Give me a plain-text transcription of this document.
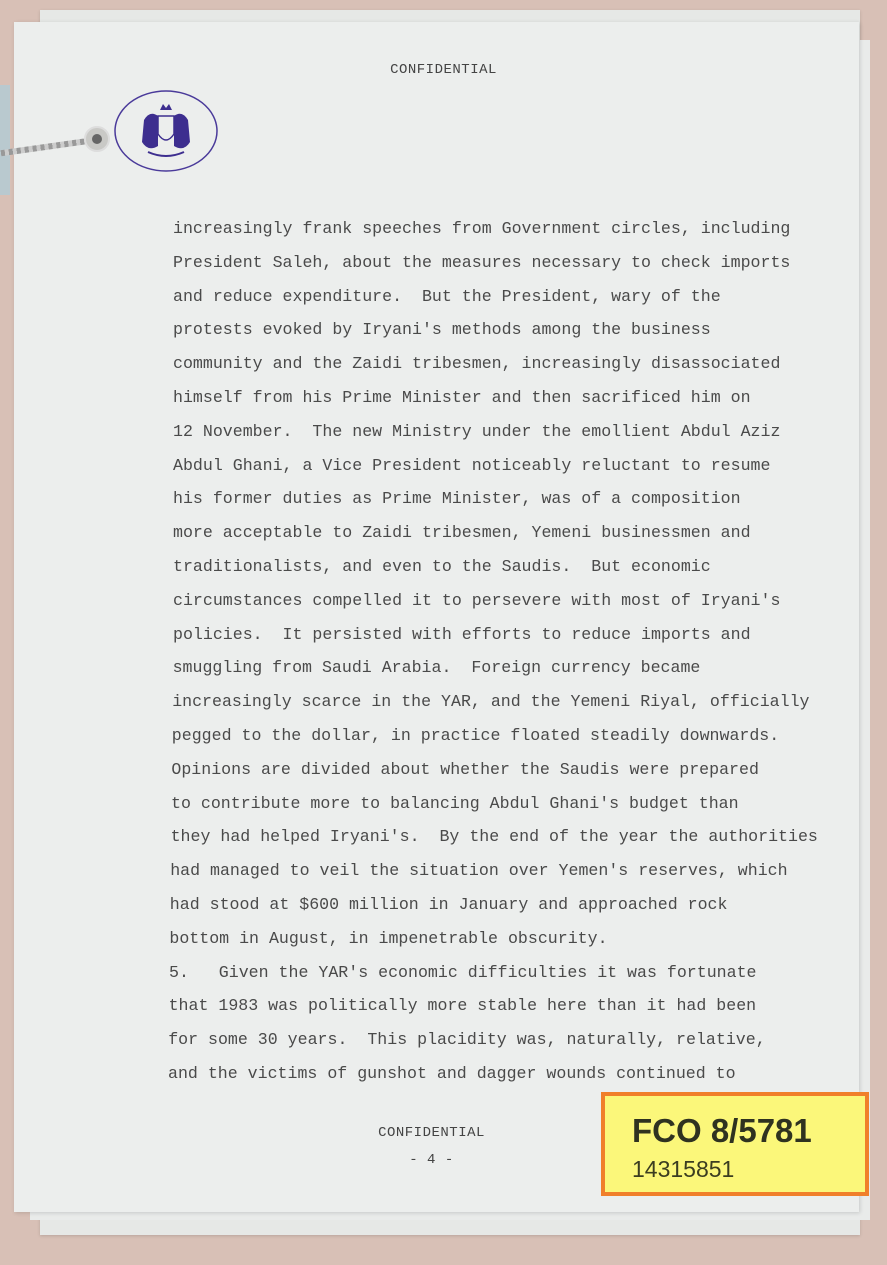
CONFIDENTIAL
increasingly frank speeches from Government circles, including
President Saleh, about the measures necessary to check imports
and reduce expenditure.  But the President, wary of the
protests evoked by Iryani's methods among the business
community and the Zaidi tribesmen, increasingly disassociated
himself from his Prime Minister and then sacrificed him on
12 November.  The new Ministry under the emollient Abdul Aziz
Abdul Ghani, a Vice President noticeably reluctant to resume
his former duties as Prime Minister, was of a composition
more acceptable to Zaidi tribesmen, Yemeni businessmen and
traditionalists, and even to the Saudis.  But economic
circumstances compelled it to persevere with most of Iryani's
policies.  It persisted with efforts to reduce imports and
smuggling from Saudi Arabia.  Foreign currency became
increasingly scarce in the YAR, and the Yemeni Riyal, officially
pegged to the dollar, in practice floated steadily downwards.
Opinions are divided about whether the Saudis were prepared
to contribute more to balancing Abdul Ghani's budget than
they had helped Iryani's.  By the end of the year the authorities
had managed to veil the situation over Yemen's reserves, which
had stood at $600 million in January and approached rock
bottom in August, in impenetrable obscurity.
5.   Given the YAR's economic difficulties it was fortunate
that 1983 was politically more stable here than it had been
for some 30 years.  This placidity was, naturally, relative,
and the victims of gunshot and dagger wounds continued to
CONFIDENTIAL
- 4 -
FCO 8/5781
14315851
